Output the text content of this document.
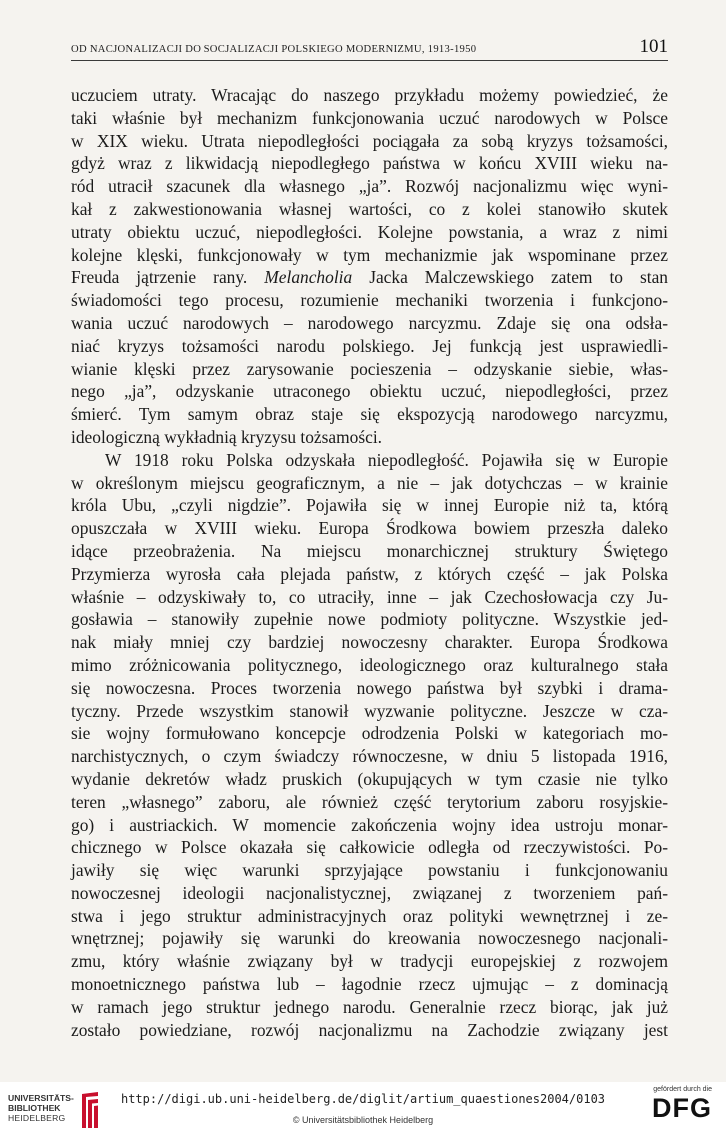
OD NACJONALIZACJI DO SOCJALIZACJI POLSKIEGO MODERNIZMU, 1913-1950	101
uczuciem utraty. Wracając do naszego przykładu możemy powiedzieć, że
taki właśnie był mechanizm funkcjonowania uczuć narodowych w Polsce
w XIX wieku. Utrata niepodległości pociągała za sobą kryzys tożsamości,
gdyż wraz z likwidacją niepodległego państwa w końcu XVIII wieku na-
ród utracił szacunek dla własnego „ja”. Rozwój nacjonalizmu więc wyni-
kał z zakwestionowania własnej wartości, co z kolei stanowiło skutek
utraty obiektu uczuć, niepodległości. Kolejne powstania, a wraz z nimi
kolejne klęski, funkcjonowały w tym mechanizmie jak wspominane przez
Freuda jątrzenie rany. Melancholia Jacka Malczewskiego zatem to stan
świadomości tego procesu, rozumienie mechaniki tworzenia i funkcjono-
wania uczuć narodowych – narodowego narcyzmu. Zdaje się ona odsła-
niać kryzys tożsamości narodu polskiego. Jej funkcją jest usprawiedli-
wianie klęski przez zarysowanie pocieszenia – odzyskanie siebie, włas-
nego „ja”, odzyskanie utraconego obiektu uczuć, niepodległości, przez
śmierć. Tym samym obraz staje się ekspozycją narodowego narcyzmu,
ideologiczną wykładnią kryzysu tożsamości.
W 1918 roku Polska odzyskała niepodległość. Pojawiła się w Europie
w określonym miejscu geograficznym, a nie – jak dotychczas – w krainie
króla Ubu, „czyli nigdzie”. Pojawiła się w innej Europie niż ta, którą
opuszczała w XVIII wieku. Europa Środkowa bowiem przeszła daleko
idące przeobrażenia. Na miejscu monarchicznej struktury Świętego
Przymierza wyrosła cała plejada państw, z których część – jak Polska
właśnie – odzyskiwały to, co utraciły, inne – jak Czechosłowacja czy Ju-
gosławia – stanowiły zupełnie nowe podmioty polityczne. Wszystkie jed-
nak miały mniej czy bardziej nowoczesny charakter. Europa Środkowa
mimo zróżnicowania politycznego, ideologicznego oraz kulturalnego stała
się nowoczesna. Proces tworzenia nowego państwa był szybki i drama-
tyczny. Przede wszystkim stanowił wyzwanie polityczne. Jeszcze w cza-
sie wojny formułowano koncepcje odrodzenia Polski w kategoriach mo-
narchistycznych, o czym świadczy równoczesne, w dniu 5 listopada 1916,
wydanie dekretów władz pruskich (okupujących w tym czasie nie tylko
teren „własnego” zaboru, ale również część terytorium zaboru rosyjskie-
go) i austriackich. W momencie zakończenia wojny idea ustroju monar-
chicznego w Polsce okazała się całkowicie odległa od rzeczywistości. Po-
jawiły się więc warunki sprzyjające powstaniu i funkcjonowaniu
nowoczesnej ideologii nacjonalistycznej, związanej z tworzeniem pań-
stwa i jego struktur administracyjnych oraz polityki wewnętrznej i ze-
wnętrznej; pojawiły się warunki do kreowania nowoczesnego nacjonali-
zmu, który właśnie związany był w tradycji europejskiej z rozwojem
monoetnicznego państwa lub – łagodnie rzecz ujmując – z dominacją
w ramach jego struktur jednego narodu. Generalnie rzecz biorąc, jak już
zostało powiedziane, rozwój nacjonalizmu na Zachodzie związany jest
UNIVERSITÄTS-
BIBLIOTHEK
HEIDELBERG
http://digi.ub.uni-heidelberg.de/diglit/artium_quaestiones2004/0103
© Universitätsbibliothek Heidelberg
gefördert durch die
DFG
